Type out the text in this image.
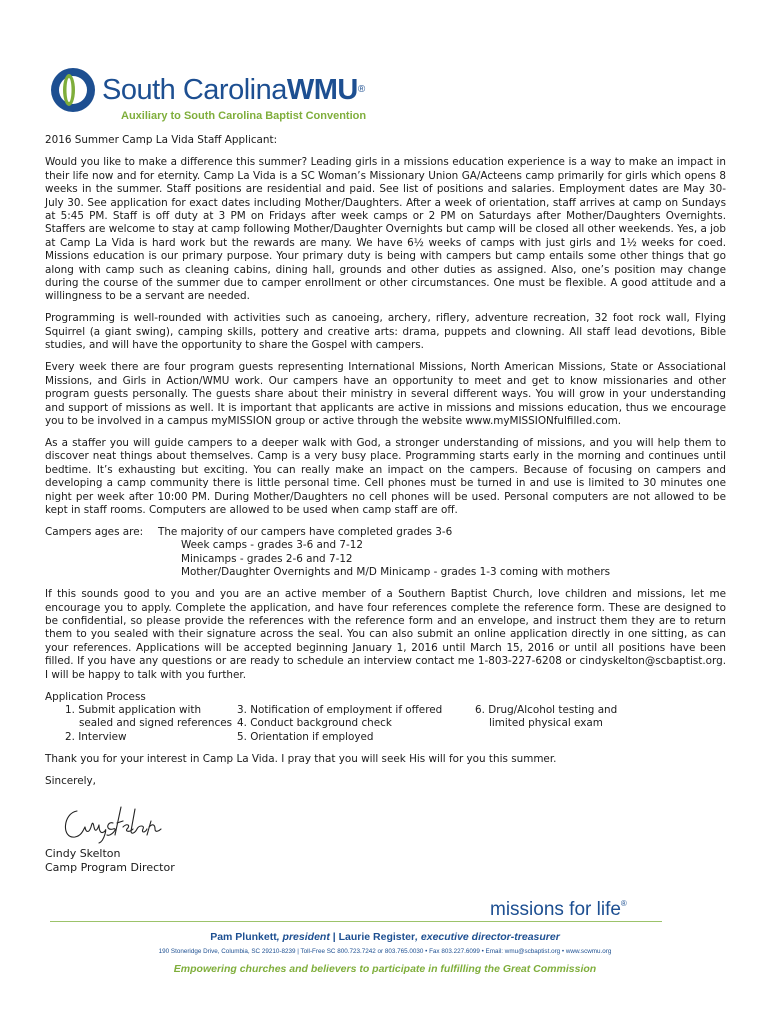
South CarolinaWMU®
Auxiliary to South Carolina Baptist Convention

2016 Summer Camp La Vida Staff Applicant:

Would you like to make a difference this summer? Leading girls in a missions education experience is a way to make an impact in their life now and for eternity. Camp La Vida is a SC Woman’s Missionary Union GA/Acteens camp primarily for girls which opens 8 weeks in the summer. Staff positions are residential and paid. See list of positions and salaries. Employment dates are May 30-July 30. See application for exact dates including Mother/Daughters. After a week of orientation, staff arrives at camp on Sundays at 5:45 PM. Staff is off duty at 3 PM on Fridays after week camps or 2 PM on Saturdays after Mother/Daughters Overnights. Staffers are welcome to stay at camp following Mother/Daughter Overnights but camp will be closed all other weekends. Yes, a job at Camp La Vida is hard work but the rewards are many. We have 6½ weeks of camps with just girls and 1½ weeks for coed. Missions education is our primary purpose. Your primary duty is being with campers but camp entails some other things that go along with camp such as cleaning cabins, dining hall, grounds and other duties as assigned. Also, one’s position may change during the course of the summer due to camper enrollment or other circumstances. One must be flexible. A good attitude and a willingness to be a servant are needed.

Programming is well-rounded with activities such as canoeing, archery, riflery, adventure recreation, 32 foot rock wall, Flying Squirrel (a giant swing), camping skills, pottery and creative arts: drama, puppets and clowning. All staff lead devotions, Bible studies, and will have the opportunity to share the Gospel with campers.

Every week there are four program guests representing International Missions, North American Missions, State or Associational Missions, and Girls in Action/WMU work. Our campers have an opportunity to meet and get to know missionaries and other program guests personally. The guests share about their ministry in several different ways. You will grow in your understanding and support of missions as well. It is important that applicants are active in missions and missions education, thus we encourage you to be involved in a campus myMISSION group or active through the website www.myMISSIONfulfilled.com.

As a staffer you will guide campers to a deeper walk with God, a stronger understanding of missions, and you will help them to discover neat things about themselves. Camp is a very busy place. Programming starts early in the morning and continues until bedtime. It’s exhausting but exciting. You can really make an impact on the campers. Because of focusing on campers and developing a camp community there is little personal time. Cell phones must be turned in and use is limited to 30 minutes one night per week after 10:00 PM. During Mother/Daughters no cell phones will be used. Personal computers are not allowed to be kept in staff rooms. Computers are allowed to be used when camp staff are off.

Campers ages are:	The majority of our campers have completed grades 3-6
Week camps - grades 3-6 and 7-12
Minicamps - grades 2-6 and 7-12
Mother/Daughter Overnights and M/D Minicamp - grades 1-3 coming with mothers

If this sounds good to you and you are an active member of a Southern Baptist Church, love children and missions, let me encourage you to apply. Complete the application, and have four references complete the reference form. These are designed to be confidential, so please provide the references with the reference form and an envelope, and instruct them they are to return them to you sealed with their signature across the seal. You can also submit an online application directly in one sitting, as can your references. Applications will be accepted beginning January 1, 2016 until March 15, 2016 or until all positions have been filled. If you have any questions or are ready to schedule an interview contact me 1-803-227-6208 or cindyskelton@scbaptist.org. I will be happy to talk with you further.

Application Process
1. Submit application with
sealed and signed references
2. Interview
3. Notification of employment if offered
4. Conduct background check
5. Orientation if employed
6. Drug/Alcohol testing and
limited physical exam

Thank you for your interest in Camp La Vida. I pray that you will seek His will for you this summer.

Sincerely,

Cindy Skelton
Camp Program Director
missions for life®
Pam Plunkett, president | Laurie Register, executive director-treasurer
190 Stoneridge Drive, Columbia, SC 29210-8239 | Toll-Free SC 800.723.7242 or 803.765.0030 • Fax 803.227.6099 • Email: wmu@scbaptist.org • www.scwmu.org
Empowering churches and believers to participate in fulfilling the Great Commission
